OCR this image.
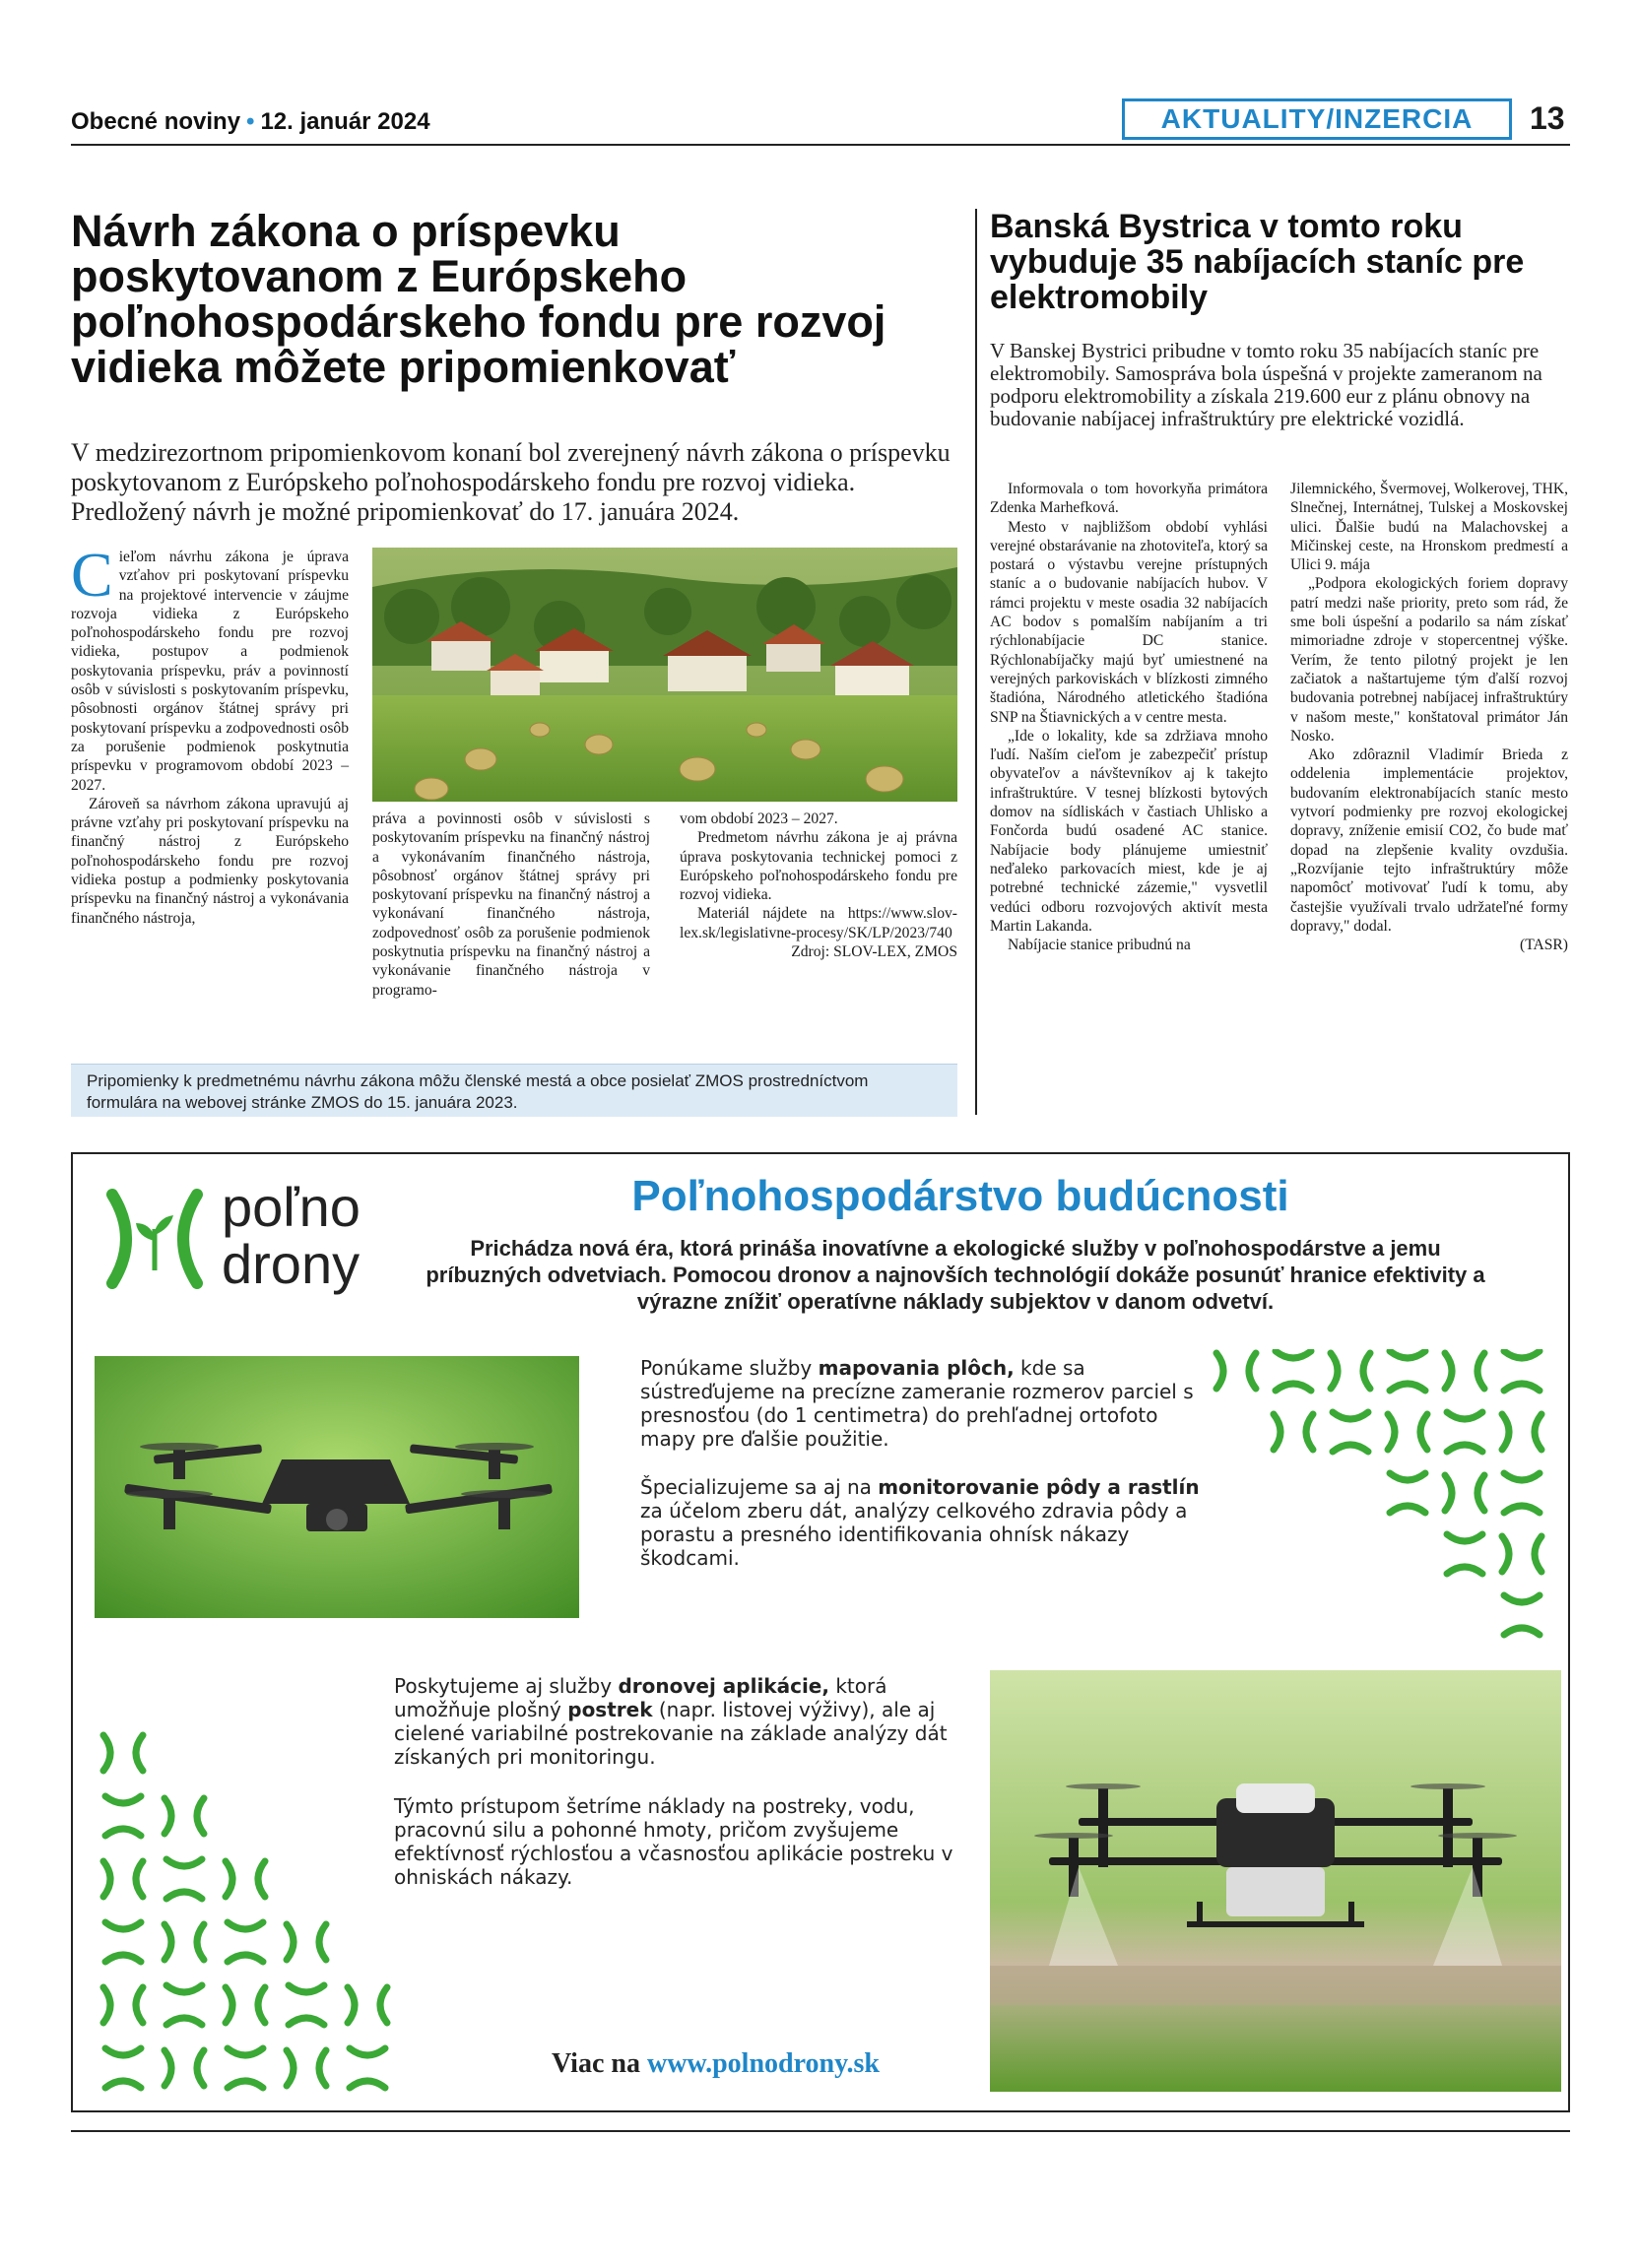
Obecné noviny • 12. január 2024	AKTUALITY/INZERCIA	13
Návrh zákona o príspevku poskytovanom z Európskeho poľnohospodárskeho fondu pre rozvoj vidieka môžete pripomienkovať
V medzirezortnom pripomienkovom konaní bol zverejnený návrh zákona o príspevku poskytovanom z Európskeho poľnohospodárskeho fondu pre rozvoj vidieka. Predložený návrh je možné pripomienkovať do 17. januára 2024.
Cieľom návrhu zákona je úprava vzťahov pri poskytovaní príspevku na projektové intervencie v záujme rozvoja vidieka z Európskeho poľnohospodárskeho fondu pre rozvoj vidieka, postupov a podmienok poskytovania príspevku, práv a povinností osôb v súvislosti s poskytovaním príspevku, pôsobnosti orgánov štátnej správy pri poskytovaní príspevku a zodpovednosti osôb za porušenie podmienok poskytnutia príspevku v programovom období 2023 – 2027.
Zároveň sa návrhom zákona upravujú aj právne vzťahy pri poskytovaní príspevku na finančný nástroj z Európskeho poľnohospodárskeho fondu pre rozvoj vidieka postup a podmienky poskytovania príspevku na finančný nástroj a vykonávania finančného nástroja,
práva a povinnosti osôb v súvislosti s poskytovaním príspevku na finančný nástroj a vykonávaním finančného nástroja, pôsobnosť orgánov štátnej správy pri poskytovaní príspevku na finančný nástroj a vykonávaní finančného nástroja, zodpovednosť osôb za porušenie podmienok poskytnutia príspevku na finančný nástroj a vykonávanie finančného nástroja v programo-
vom období 2023 – 2027.
Predmetom návrhu zákona je aj právna úprava poskytovania technickej pomoci z Európskeho poľnohospodárskeho fondu pre rozvoj vidieka.
Materiál nájdete na https://www.slov-lex.sk/legislativne-procesy/SK/LP/2023/740
Zdroj: SLOV-LEX, ZMOS
Pripomienky k predmetnému návrhu zákona môžu členské mestá a obce posielať ZMOS prostredníctvom formulára na webovej stránke ZMOS do 15. januára 2023.
Banská Bystrica v tomto roku vybuduje 35 nabíjacích staníc pre elektromobily
V Banskej Bystrici pribudne v tomto roku 35 nabíjacích staníc pre elektromobily. Samospráva bola úspešná v projekte zameranom na podporu elektromobility a získala 219.600 eur z plánu obnovy na budovanie nabíjacej infraštruktúry pre elektrické vozidlá.
Informovala o tom hovorkyňa primátora Zdenka Marhefková.
Mesto v najbližšom období vyhlási verejné obstarávanie na zhotoviteľa, ktorý sa postará o výstavbu verejne prístupných staníc a o budovanie nabíjacích hubov. V rámci projektu v meste osadia 32 nabíjacích AC bodov s pomalším nabíjaním a tri rýchlonabíjacie DC stanice. Rýchlonabíjačky majú byť umiestnené na verejných parkoviskách v blízkosti zimného štadióna, Národného atletického štadióna SNP na Štiavnických a v centre mesta.
„Ide o lokality, kde sa zdržiava mnoho ľudí. Naším cieľom je zabezpečiť prístup obyvateľov a návštevníkov aj k takejto infraštruktúre. V tesnej blízkosti bytových domov na sídliskách v častiach Uhlisko a Fončorda budú osadené AC stanice. Nabíjacie body plánujeme umiestniť neďaleko parkovacích miest, kde je aj potrebné technické zázemie," vysvetlil vedúci odboru rozvojových aktivít mesta Martin Lakanda.
Nabíjacie stanice pribudnú na
Jilemnického, Švermovej, Wolkerovej, THK, Slnečnej, Internátnej, Tulskej a Moskovskej ulici. Ďalšie budú na Malachovskej a Mičinskej ceste, na Hronskom predmestí a Ulici 9. mája
„Podpora ekologických foriem dopravy patrí medzi naše priority, preto som rád, že sme boli úspešní a podarilo sa nám získať mimoriadne zdroje v stopercentnej výške. Verím, že tento pilotný projekt je len začiatok a naštartujeme tým ďalší rozvoj budovania potrebnej nabíjacej infraštruktúry v našom meste," konštatoval primátor Ján Nosko.
Ako zdôraznil Vladimír Brieda z oddelenia implementácie projektov, budovaním elektronabíjacích staníc mesto vytvorí podmienky pre rozvoj ekologickej dopravy, zníženie emisií CO2, čo bude mať dopad na zlepšenie kvality ovzdušia. „Rozvíjanie tejto infraštruktúry môže napomôcť motivovať ľudí k tomu, aby častejšie využívali trvalo udržateľné formy dopravy," dodal.
(TASR)
poľno
drony
Poľnohospodárstvo budúcnosti
Prichádza nová éra, ktorá prináša inovatívne a ekologické služby v poľnohospodárstve a jemu príbuzných odvetviach. Pomocou dronov a najnovších technológií dokáže posunúť hranice efektivity a výrazne znížiť operatívne náklady subjektov v danom odvetví.
Ponúkame služby mapovania plôch, kde sa sústreďujeme na precízne zameranie rozmerov parciel s presnosťou (do 1 centimetra) do prehľadnej ortofoto mapy pre ďalšie použitie.
Špecializujeme sa aj na monitorovanie pôdy a rastlín za účelom zberu dát, analýzy celkového zdravia pôdy a porastu a presného identifikovania ohnísk nákazy škodcami.
Poskytujeme aj služby dronovej aplikácie, ktorá umožňuje plošný postrek (napr. listovej výživy), ale aj cielené variabilné postrekovanie na základe analýzy dát získaných pri monitoringu.
Týmto prístupom šetríme náklady na postreky, vodu, pracovnú silu a pohonné hmoty, pričom zvyšujeme efektívnosť rýchlosťou a včasnosťou aplikácie postreku v ohniskách nákazy.
Viac na www.polnodrony.sk
